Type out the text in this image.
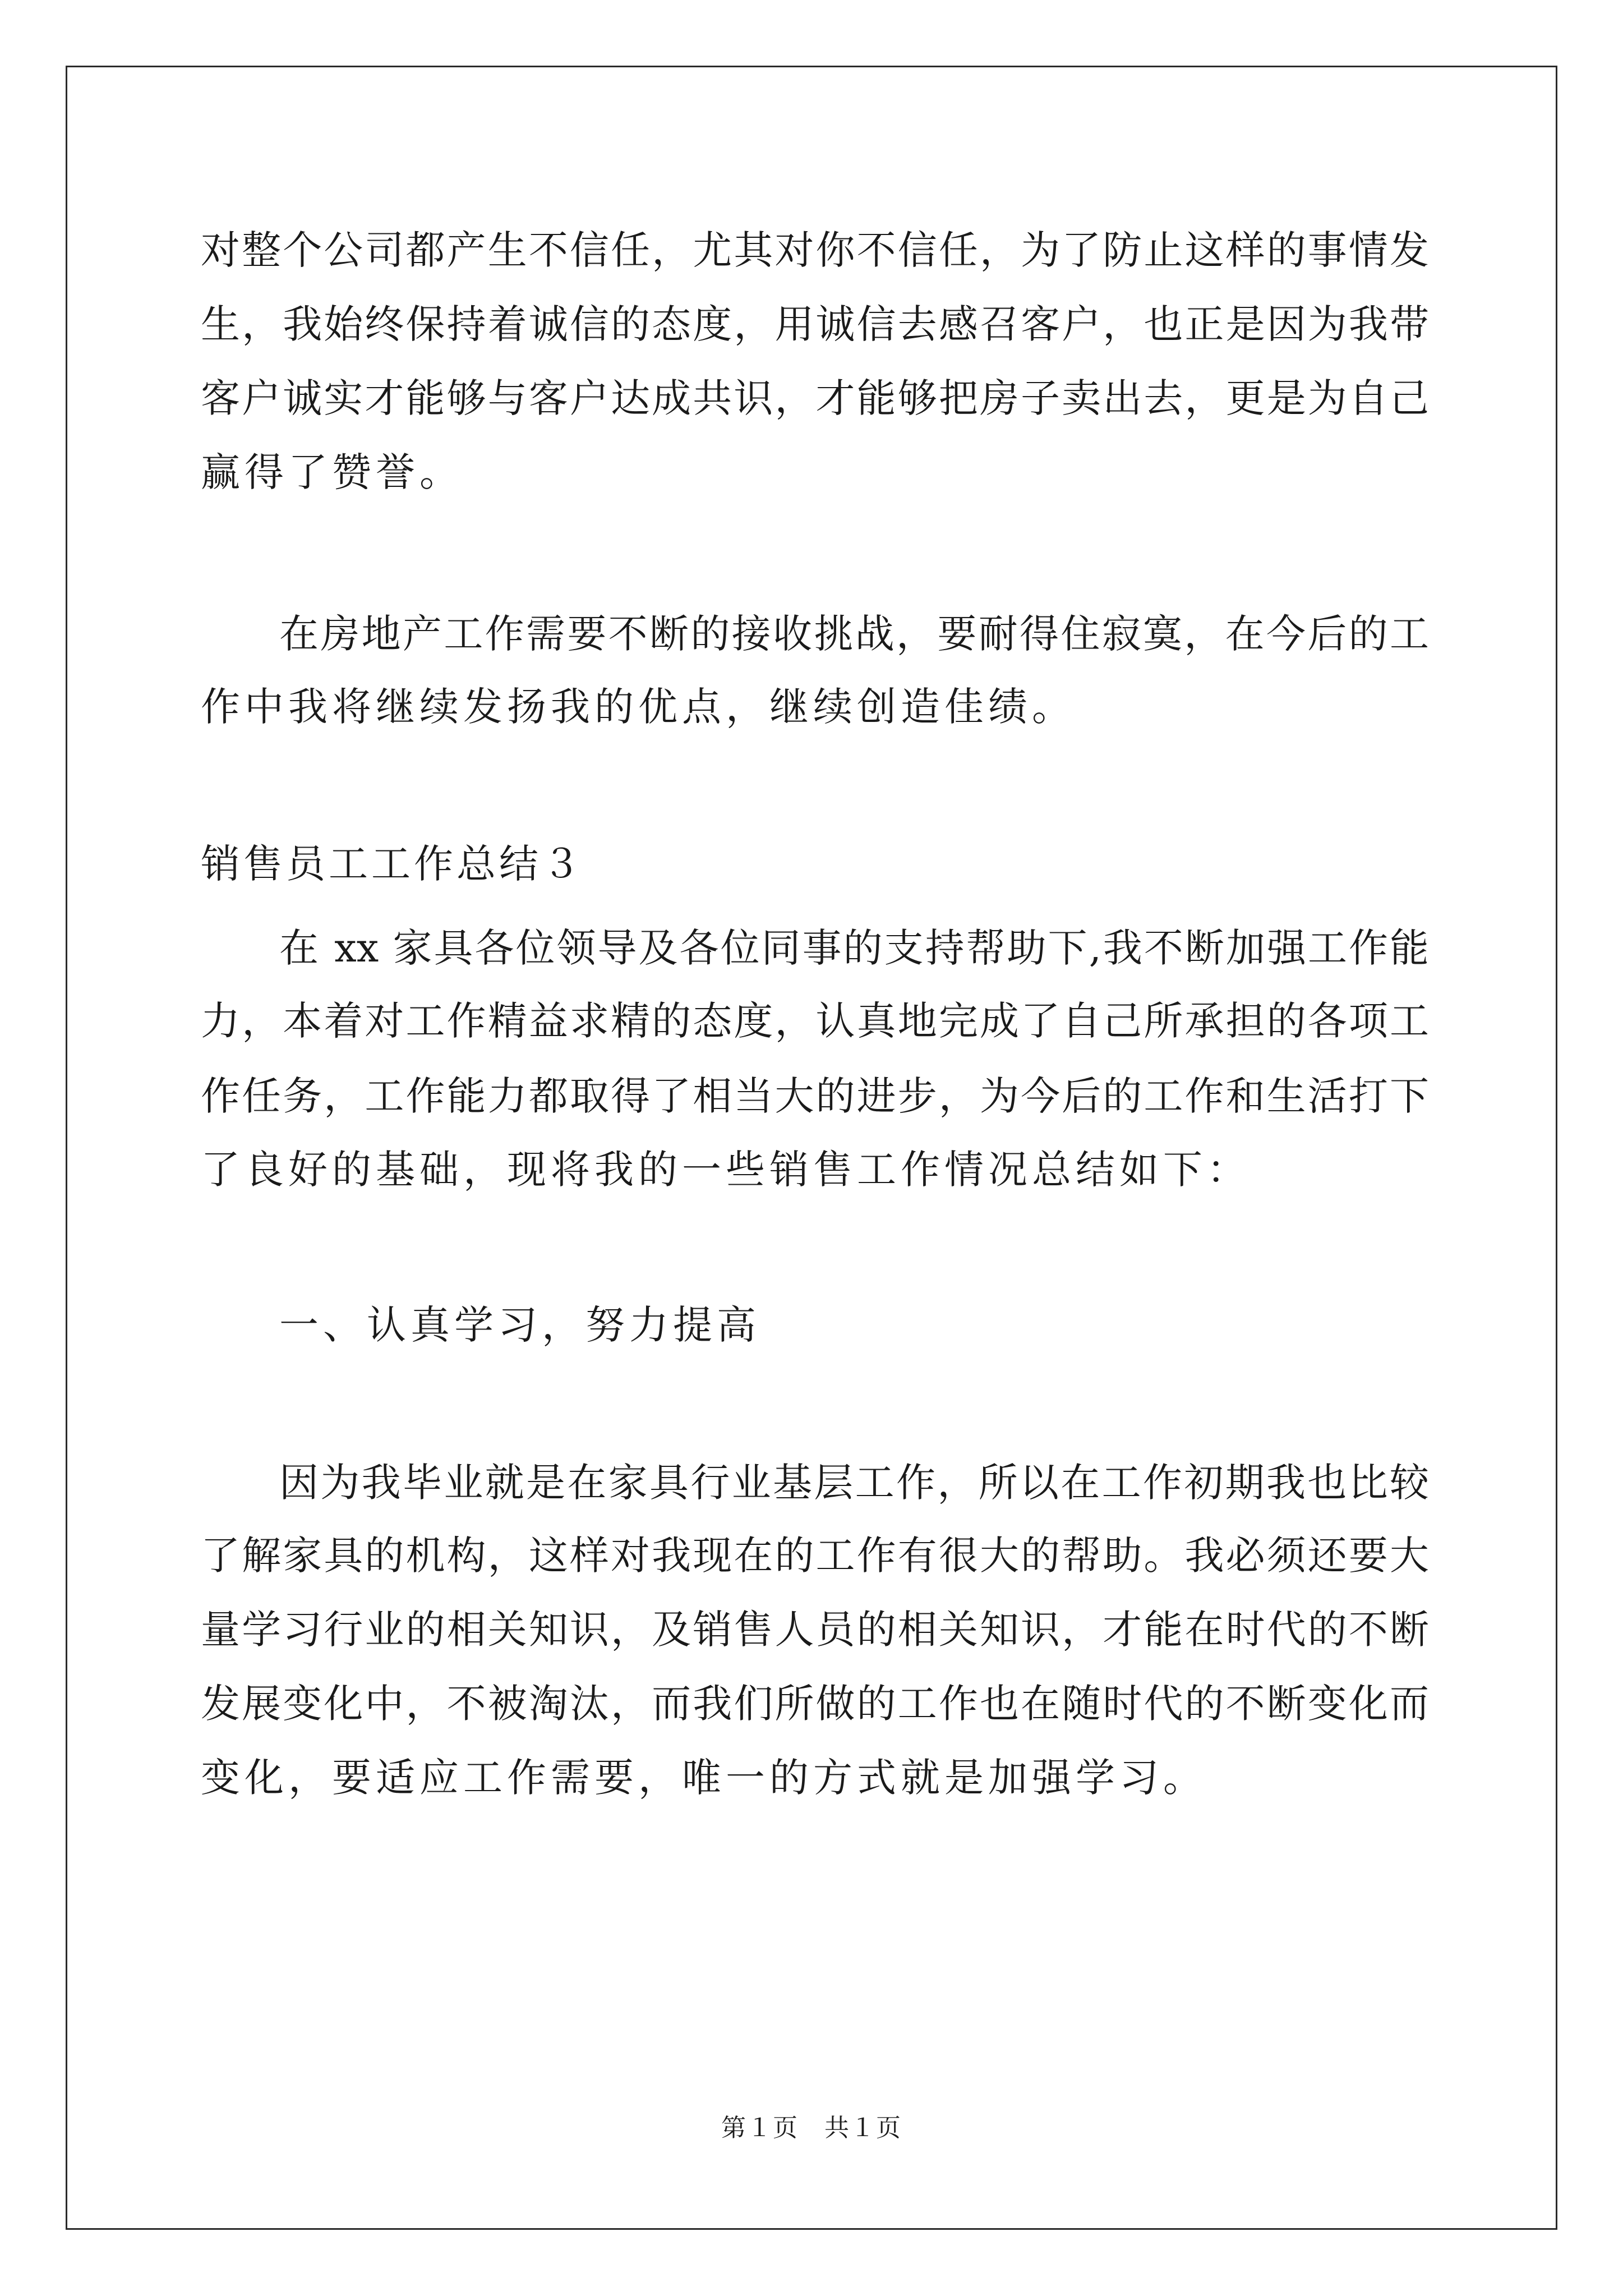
对整个公司都产生不信任，尤其对你不信任，为了防止这样的事情发
生，我始终保持着诚信的态度，用诚信去感召客户，也正是因为我带
客户诚实才能够与客户达成共识，才能够把房子卖出去，更是为自己
赢得了赞誉。
在房地产工作需要不断的接收挑战，要耐得住寂寞，在今后的工
作中我将继续发扬我的优点，继续创造佳绩。
销售员工工作总结３
在 xx 家具各位领导及各位同事的支持帮助下,我不断加强工作能
力，本着对工作精益求精的态度，认真地完成了自己所承担的各项工
作任务，工作能力都取得了相当大的进步，为今后的工作和生活打下
了良好的基础，现将我的一些销售工作情况总结如下：
一、认真学习，努力提高
因为我毕业就是在家具行业基层工作，所以在工作初期我也比较
了解家具的机构，这样对我现在的工作有很大的帮助。我必须还要大
量学习行业的相关知识，及销售人员的相关知识，才能在时代的不断
发展变化中，不被淘汰，而我们所做的工作也在随时代的不断变化而
变化，要适应工作需要，唯一的方式就是加强学习。
第１页　共１页
